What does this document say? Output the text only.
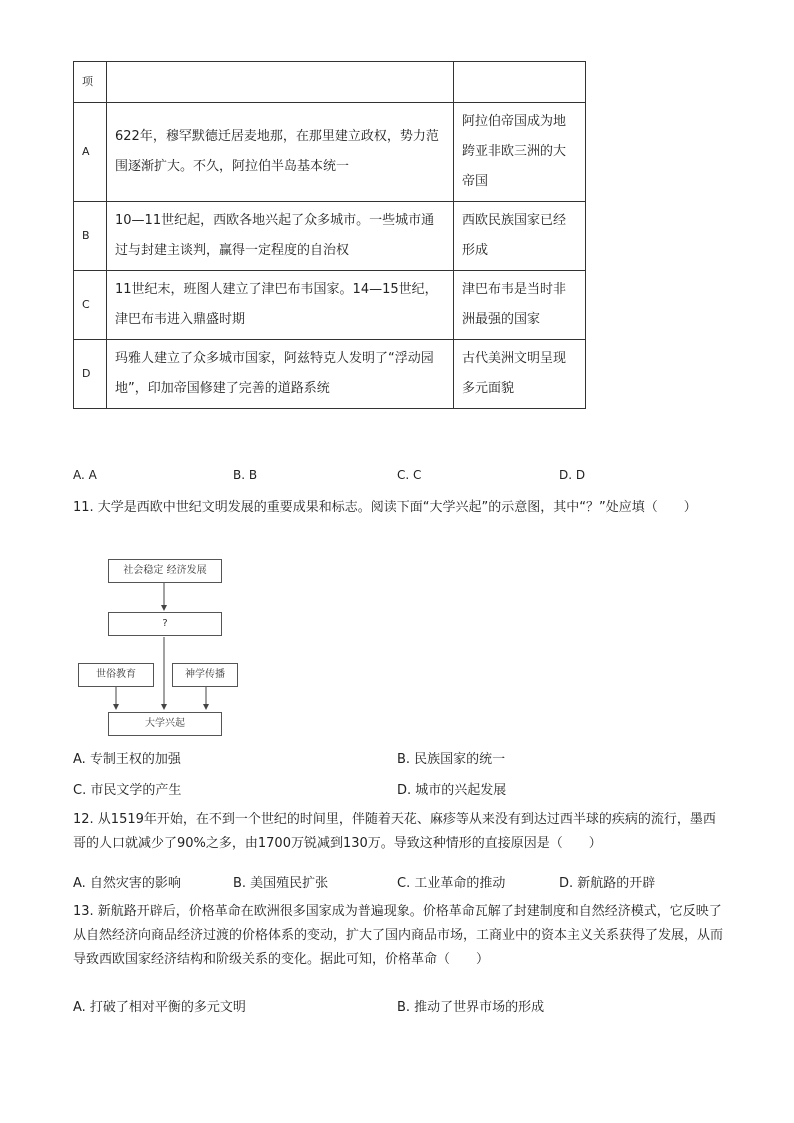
项		
A	622年，穆罕默德迁居麦地那，在那里建立政权，势力范围逐渐扩大。不久，阿拉伯半岛基本统一	阿拉伯帝国成为地跨亚非欧三洲的大帝国
B	10—11世纪起，西欧各地兴起了众多城市。一些城市通过与封建主谈判，赢得一定程度的自治权	西欧民族国家已经形成
C	11世纪末，班图人建立了津巴布韦国家。14—15世纪，津巴布韦进入鼎盛时期	津巴布韦是当时非洲最强的国家
D	玛雅人建立了众多城市国家，阿兹特克人发明了“浮动园地”，印加帝国修建了完善的道路系统	古代美洲文明呈现多元面貌
A. A	B. B	C. C	D. D
11. 大学是西欧中世纪文明发展的重要成果和标志。阅读下面“大学兴起”的示意图，其中“？”处应填（　　）
社会稳定 经济发展
?
世俗教育	神学传播
大学兴起
A. 专制王权的加强	B. 民族国家的统一
C. 市民文学的产生	D. 城市的兴起发展
12. 从1519年开始，在不到一个世纪的时间里，伴随着天花、麻疹等从来没有到达过西半球的疾病的流行，墨西哥的人口就减少了90%之多，由1700万锐减到130万。导致这种情形的直接原因是（　　）
A. 自然灾害的影响	B. 美国殖民扩张	C. 工业革命的推动	D. 新航路的开辟
13. 新航路开辟后，价格革命在欧洲很多国家成为普遍现象。价格革命瓦解了封建制度和自然经济模式，它反映了从自然经济向商品经济过渡的价格体系的变动，扩大了国内商品市场，工商业中的资本主义关系获得了发展，从而导致西欧国家经济结构和阶级关系的变化。据此可知，价格革命（　　）
A. 打破了相对平衡的多元文明	B. 推动了世界市场的形成
